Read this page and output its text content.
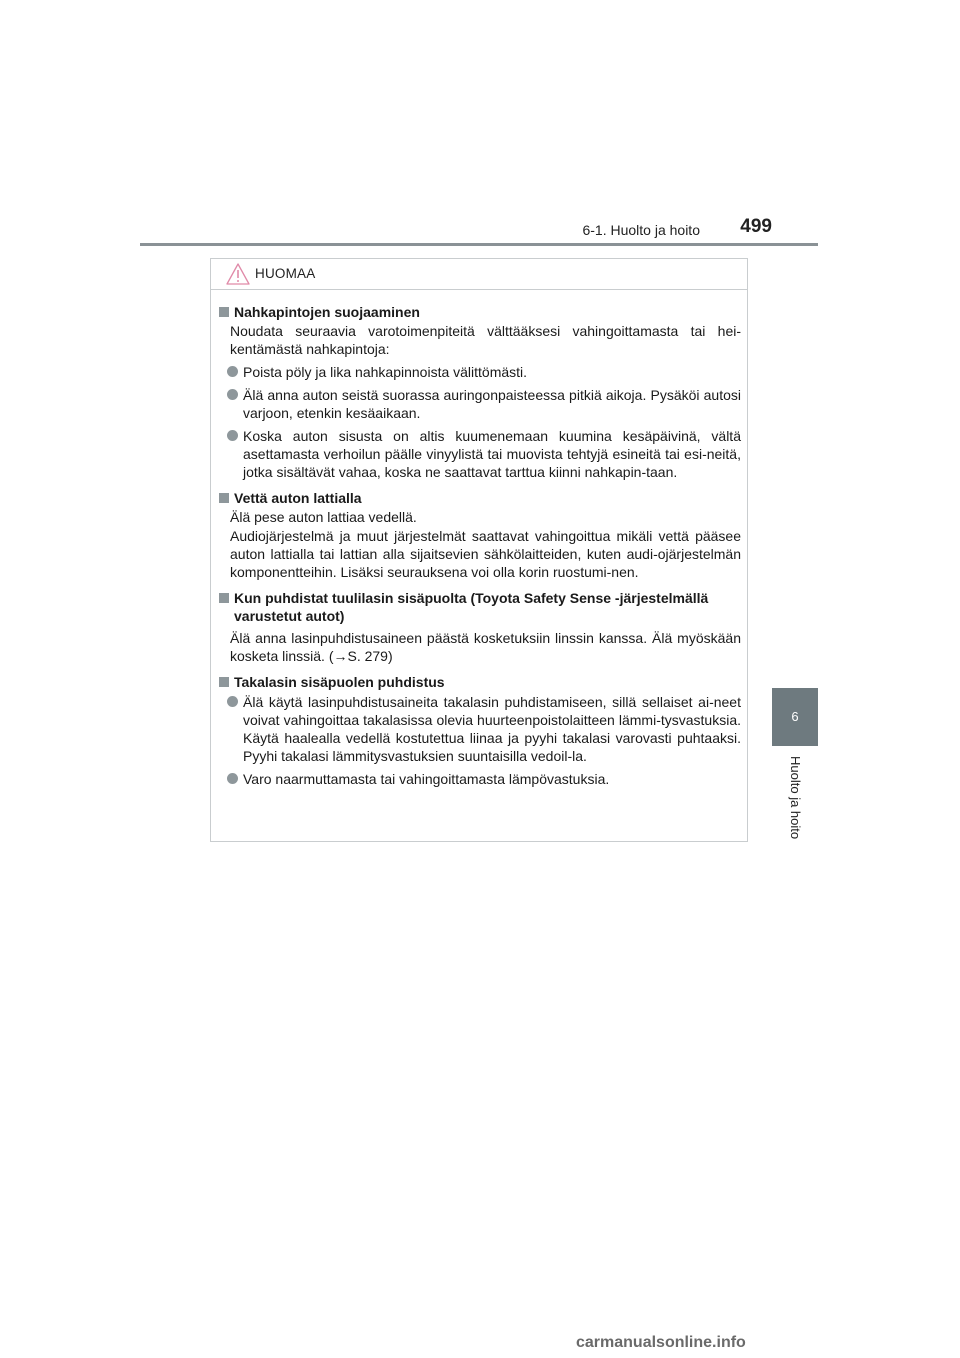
6-1. Huolto ja hoito 499
6
Huolto ja hoito
HUOMAA
Nahkapintojen suojaaminen
Noudata seuraavia varotoimenpiteitä välttääksesi vahingoittamasta tai hei-kentämästä nahkapintoja:
Poista pöly ja lika nahkapinnoista välittömästi.
Älä anna auton seistä suorassa auringonpaisteessa pitkiä aikoja. Pysäköi autosi varjoon, etenkin kesäaikaan.
Koska auton sisusta on altis kuumenemaan kuumina kesäpäivinä, vältä asettamasta verhoilun päälle vinyylistä tai muovista tehtyjä esineitä tai esi-neitä, jotka sisältävät vahaa, koska ne saattavat tarttua kiinni nahkapin-taan.
Vettä auton lattialla
Älä pese auton lattiaa vedellä.
Audiojärjestelmä ja muut järjestelmät saattavat vahingoittua mikäli vettä pääsee auton lattialla tai lattian alla sijaitsevien sähkölaitteiden, kuten audi-ojärjestelmän komponentteihin. Lisäksi seurauksena voi olla korin ruostumi-nen.
Kun puhdistat tuulilasin sisäpuolta (Toyota Safety Sense -järjestelmällä varustetut autot)
Älä anna lasinpuhdistusaineen päästä kosketuksiin linssin kanssa. Älä myöskään kosketa linssiä. (→S. 279)
Takalasin sisäpuolen puhdistus
Älä käytä lasinpuhdistusaineita takalasin puhdistamiseen, sillä sellaiset ai-neet voivat vahingoittaa takalasissa olevia huurteenpoistolaitteen lämmi-tysvastuksia. Käytä haalealla vedellä kostutettua liinaa ja pyyhi takalasi varovasti puhtaaksi. Pyyhi takalasi lämmitysvastuksien suuntaisilla vedoil-la.
Varo naarmuttamasta tai vahingoittamasta lämpövastuksia.
carmanualsonline.info
